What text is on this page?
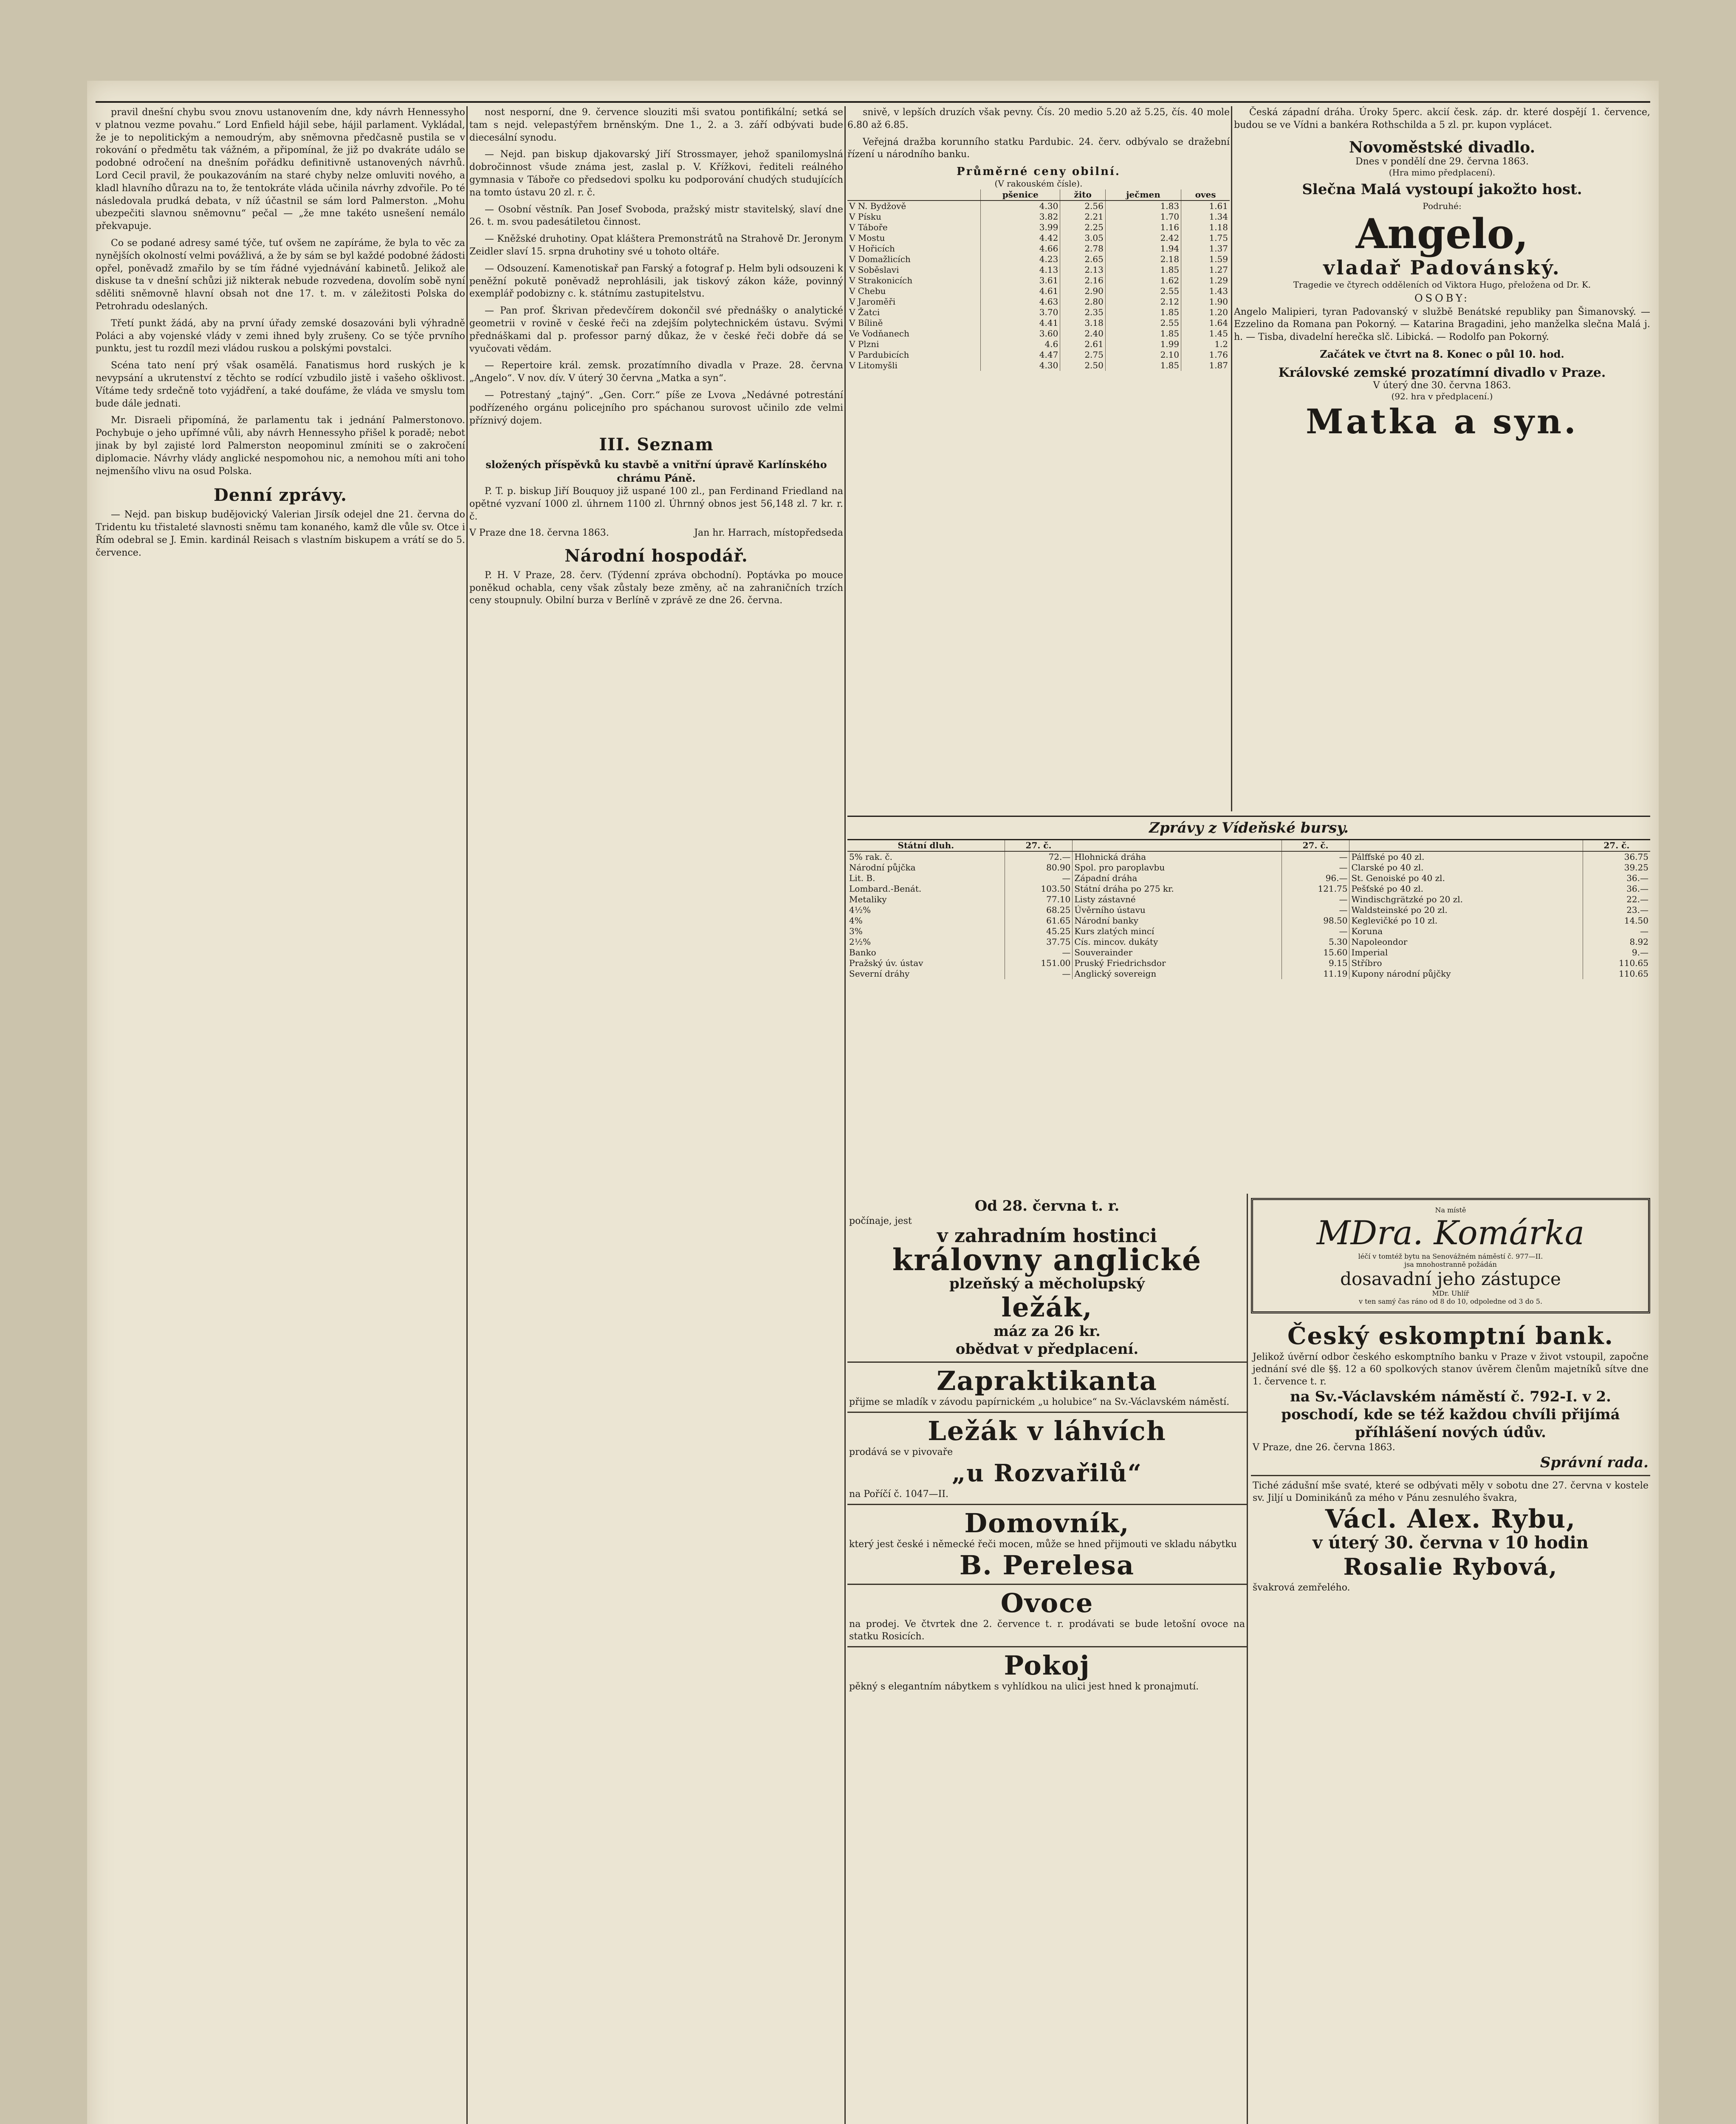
pravil dnešní chybu svou znovu ustanovením dne, kdy návrh Hennessyho v platnou vezme povahu.“ Lord Enfield hájil sebe, hájil parlament. Vykládal, že je to nepolitickým a nemoudrým, aby sněmovna předčasně pustila se v rokování o předmětu tak vážném, a připomínal, že již po dvakráte událo se podobné odročení na dnešním pořádku definitivně ustanovených návrhů. Lord Cecil pravil, že poukazováním na staré chyby nelze omluviti nového, a kladl hlavního důrazu na to, že tentokráte vláda učinila návrhy zdvořile. Po té následovala prudká debata, v níž účastnil se sám lord Palmerston. „Mohu ubezpečiti slavnou sněmovnu“ pečal — „že mne takéto usnešení nemálo překvapuje.

Co se podané adresy samé týče, tuť ovšem ne zapíráme, že byla to věc za nynějších okolností velmi povážlivá, a že by sám se byl každé podobné žádosti opřel, poněvadž zmařilo by se tím řádné vyjednávání kabinetů. Jelikož ale diskuse ta v dnešní schůzi již nikterak nebude rozvedena, dovolím sobě nyní sděliti sněmovně hlavní obsah not dne 17. t. m. v záležitosti Polska do Petrohradu odeslaných.

Třetí punkt žádá, aby na první úřady zemské dosazováni byli výhradně Poláci a aby vojenské vlády v zemi ihned byly zrušeny. Co se týče prvního punktu, jest tu rozdíl mezi vládou ruskou a polskými povstalci.

Scéna tato není prý však osamělá. Fanatismus hord ruských je k nevypsání a ukrutenství z těchto se rodící vzbudilo jistě i vašeho ošklivost. Vítáme tedy srdečně toto vyjádření, a také doufáme, že vláda ve smyslu tom bude dále jednati.

Mr. Disraeli připomíná, že parlamentu tak i jednání Palmerstonovo. Pochybuje o jeho upřímné vůli, aby návrh Hennessyho přišel k poradě; nebot jinak by byl zajisté lord Palmerston neopominul zmíniti se o zakročení diplomacie. Návrhy vlády anglické nespomohou nic, a nemohou míti ani toho nejmenšího vlivu na osud Polska.

Denní zprávy.

— Nejd. pan biskup budějovický Valerian Jirsík odejel dne 21. června do Tridentu ku třistaleté slavnosti sněmu tam konaného, kamž dle vůle sv. Otce i Řím odebral se J. Emin. kardinál Reisach s vlastním biskupem a vrátí se do 5. července.

nost nesporní, dne 9. července slouziti mši svatou pontifikální; setká se tam s nejd. velepastýřem brněnským. Dne 1., 2. a 3. září odbývati bude diecesální synodu.

— Nejd. pan biskup djakovarský Jiří Strossmayer, jehož spanilomyslná dobročinnost všude známa jest, zaslal p. V. Křížkovi, řediteli reálného gymnasia v Táboře co předsedovi spolku ku podporování chudých studujících na tomto ústavu 20 zl. r. č.

— Osobní věstník. Pan Josef Svoboda, pražský mistr stavitelský, slaví dne 26. t. m. svou padesátiletou činnost.

— Kněžské druhotiny. Opat kláštera Premonstrátů na Strahově Dr. Jeronym Zeidler slaví 15. srpna druhotiny své u tohoto oltáře.

— Odsouzení. Kamenotiskař pan Farský a fotograf p. Helm byli odsouzeni k peněžní pokutě poněvadž neprohlásili, jak tiskový zákon káže, povinný exemplář podobizny c. k. státnímu zastupitelstvu.

— Pan prof. Škrivan předevčírem dokončil své přednášky o analytické geometrii v rovině v české řeči na zdejším polytechnickém ústavu. Svými přednáškami dal p. professor parný důkaz, že v české řeči dobře dá se vyučovati vědám.

— Repertoire král. zemsk. prozatímního divadla v Praze. 28. června „Angelo“. V nov. dív. V úterý 30 června „Matka a syn“.

— Potrestaný „tajný“. „Gen. Corr.“ píše ze Lvova „Nedávné potrestání podřízeného orgánu policejního pro spáchanou surovost učinilo zde velmi příznivý dojem.

III. Seznam
složených příspěvků ku stavbě a vnitřní úpravě Karlínského chrámu Páně.

P. T. p. biskup Jiří Bouquoy již uspané 100 zl., pan Ferdinand Friedland na opětné vyzvaní 1000 zl. úhrnem 1100 zl. Úhrnný obnos jest 56,148 zl. 7 kr. r. č.

V Praze dne 18. června 1863.	Jan hr. Harrach, místopředseda
Národní hospodář.

P. H. V Praze, 28. červ. (Týdenní zpráva obchodní). Poptávka po mouce poněkud ochabla, ceny však zůstaly beze změny, ač na zahraničních trzích ceny stoupnuly. Obilní burza v Berlíně v zprávě ze dne 26. června.

snivě, v lepších druzích však pevny. Čís. 20 medio 5.20 až 5.25, čís. 40 mole 6.80 až 6.85.

Veřejná dražba korunního statku Pardubic. 24. červ. odbývalo se dražební řízení u národního banku.

Průměrné ceny obilní.
(V rakouském čísle).
	pšenice	žito	ječmen	oves
V N. Bydžově	4.30	2.56	1.83	1.61
V Písku	3.82	2.21	1.70	1.34
V Táboře	3.99	2.25	1.16	1.18
V Mostu	4.42	3.05	2.42	1.75
V Hořicích	4.66	2.78	1.94	1.37
V Domažlicích	4.23	2.65	2.18	1.59
V Soběslavi	4.13	2.13	1.85	1.27
V Strakonicích	3.61	2.16	1.62	1.29
V Chebu	4.61	2.90	2.55	1.43
V Jaroměři	4.63	2.80	2.12	1.90
V Žatci	3.70	2.35	1.85	1.20
V Bílině	4.41	3.18	2.55	1.64
Ve Vodňanech	3.60	2.40	1.85	1.45
V Plzni	4.6	2.61	1.99	1.2
V Pardubicích	4.47	2.75	2.10	1.76
V Litomyšli	4.30	2.50	1.85	1.87

Česká západní dráha. Úroky 5perc. akcií česk. záp. dr. které dospějí 1. července, budou se ve Vídni a bankéra Rothschilda a 5 zl. pr. kupon vyplácet.

Novoměstské divadlo.
Dnes v pondělí dne 29. června 1863.
(Hra mimo předplacení).
Slečna Malá vystoupí jakožto host.
Podruhé:
Angelo,
vladař Padovánský.
Tragedie ve čtyrech odděleních od Viktora Hugo, přeložena od Dr. K.
OSOBY:

Angelo Malipieri, tyran Padovanský v službě Benátské republiky pan Šimanovský. — Ezzelino da Romana pan Pokorný. — Katarina Bragadini, jeho manželka slečna Malá j. h. — Tisba, divadelní herečka slč. Libická. — Rodolfo pan Pokorný.

Začátek ve čtvrt na 8. Konec o půl 10. hod.
Královské zemské prozatímní divadlo v Praze.
V úterý dne 30. června 1863.
(92. hra v předplacení.)
Matka a syn.
Zprávy z Vídeňské bursy.
Státní dluh.	27. č.		27. č.		27. č.
5% rak. č.	72.—	Hlohnická dráha	—	Pálffské po 40 zl.	36.75
Národní půjčka	80.90	Spol. pro paroplavbu	—	Clarské po 40 zl.	39.25
Lit. B.	—	Západní dráha	96.—	St. Genoiské po 40 zl.	36.—
Lombard.-Benát.	103.50	Státní dráha po 275 kr.	121.75	Pešťské po 40 zl.	36.—
Metaliky	77.10	Listy zástavné	—	Windischgrätzké po 20 zl.	22.—
4½%	68.25	Úvěrního ústavu	—	Waldsteinské po 20 zl.	23.—
4%	61.65	Národní banky	98.50	Keglevičké po 10 zl.	14.50
3%	45.25	Kurs zlatých mincí	—	Koruna	—
2½%	37.75	Cís. mincov. dukáty	5.30	Napoleondor	8.92
Banko	—	Souverainder	15.60	Imperial	9.—
Pražský úv. ústav	151.00	Pruský Friedrichsdor	9.15	Stříbro	110.65
Severní dráhy	—	Anglický sovereign	11.19	Kupony národní půjčky	110.65
Od 28. června t. r.
počínaje, jest
v zahradním hostinci
královny anglické
plzeňský a měcholupský
ležák,
máz za 26 kr.
obědvat v předplacení.
Zapraktikanta
přijme se mladík v závodu papírnickém „u holubice“ na Sv.-Václavském náměstí.
Ležák v láhvích
prodává se v pivovaře
„u Rozvařilů“
na Poříčí č. 1047—II.
Domovník,
který jest české i německé řeči mocen, může se hned přijmouti ve skladu nábytku
B. Perelesa
Ovoce
na prodej. Ve čtvrtek dne 2. července t. r. prodávati se bude letošní ovoce na statku Rosicích.
Pokoj
pěkný s elegantním nábytkem s vyhlídkou na ulici jest hned k pronajmutí.
Na místě
MDra. Komárka
léčí v tomtéž bytu na Senovážném náměstí č. 977—II.
jsa mnohostranně požádán
dosavadní jeho zástupce
MDr. Uhlíř
v ten samý čas ráno od 8 do 10, odpoledne od 3 do 5.
Český eskomptní bank.
Jelikož úvěrní odbor českého eskomptního banku v Praze v život vstoupil, započne jednání své dle §§. 12 a 60 spolkových stanov úvěrem členům majetníků sítve dne 1. července t. r.
na Sv.-Václavském náměstí č. 792-I. v 2. poschodí, kde se též každou chvíli přijímá příhlášení nových údův.
V Praze, dne 26. června 1863.
Správní rada.
Tiché zádušní mše svaté, které se odbývati měly v sobotu dne 27. června v kostele sv. Jiljí u Dominikánů za mého v Pánu zesnulého švakra,
Václ. Alex. Rybu,
v úterý 30. června v 10 hodin
Rosalie Rybová,
švakrová zemřelého.
